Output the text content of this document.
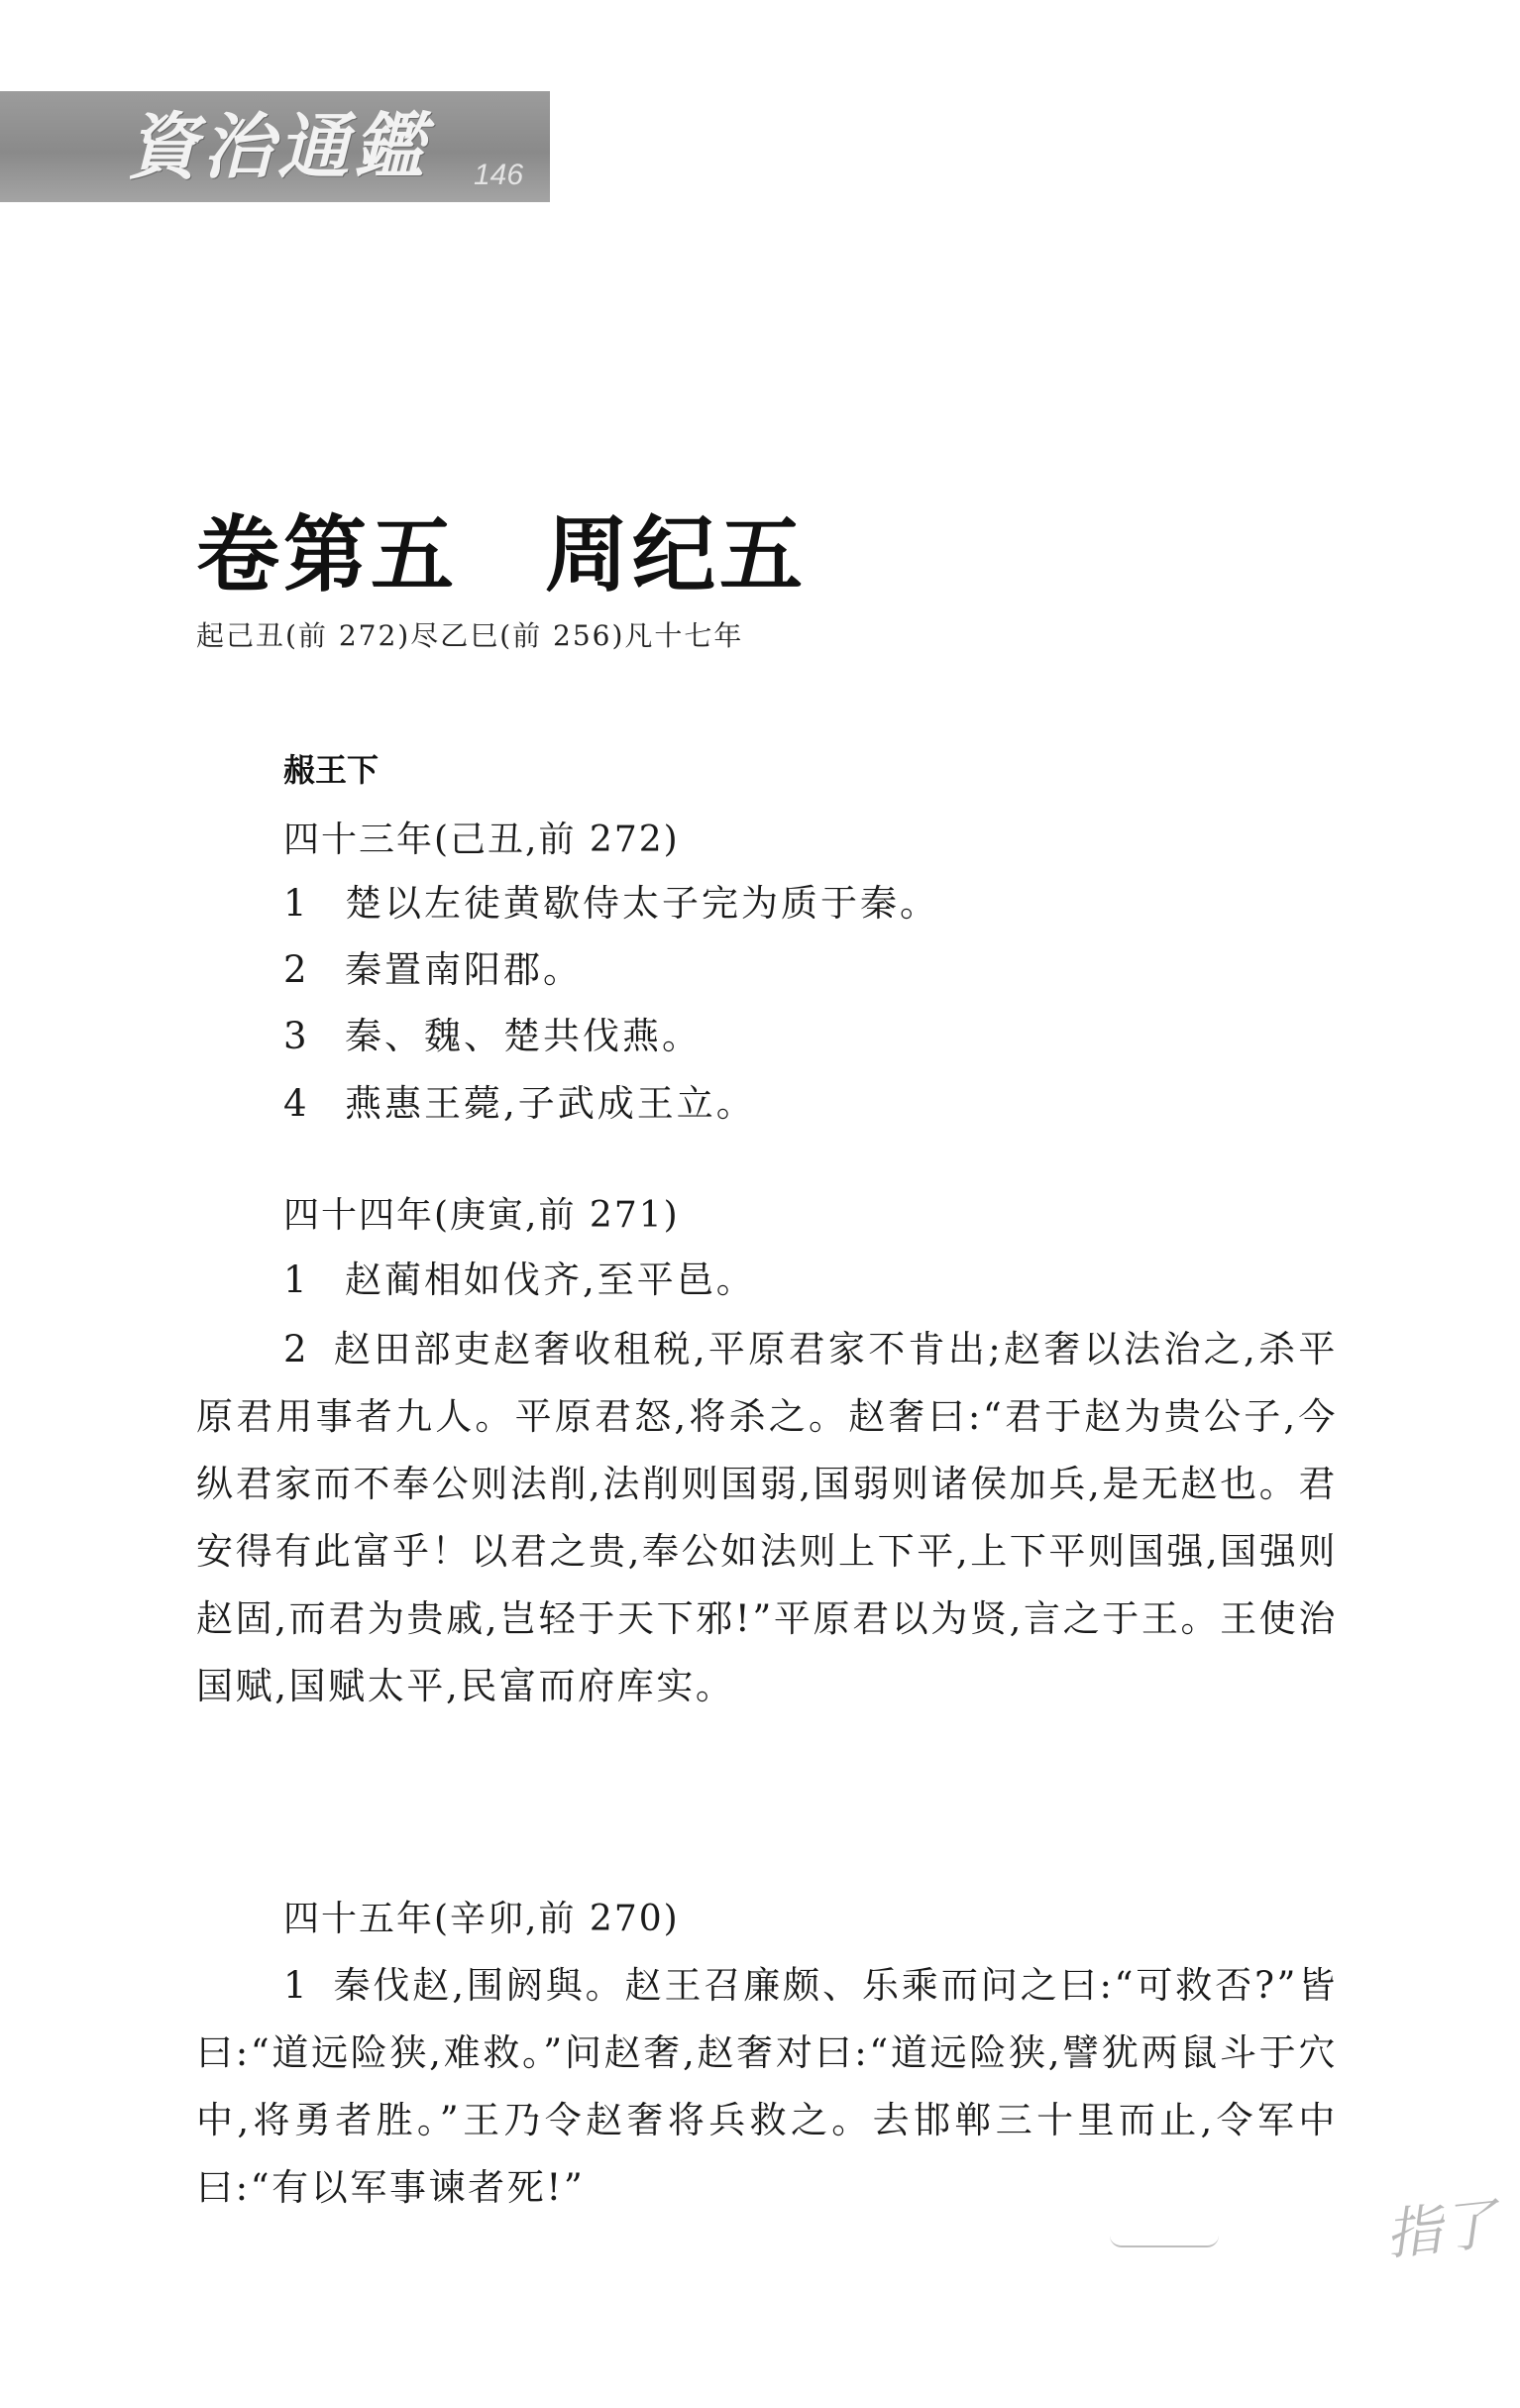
資治通鑑 146
卷第五　周纪五
起己丑(前 272)尽乙巳(前 256)凡十七年
赧王下
四十三年(己丑,前 272)
1 楚以左徒黄歇侍太子完为质于秦。
2 秦置南阳郡。
3 秦、魏、楚共伐燕。
4 燕惠王薨,子武成王立。
四十四年(庚寅,前 271)
1 赵蔺相如伐齐,至平邑。
2 赵田部吏赵奢收租税,平原君家不肯出;赵奢以法治之,杀平原君用事者九人。平原君怒,将杀之。赵奢曰:“君于赵为贵公子,今纵君家而不奉公则法削,法削则国弱,国弱则诸侯加兵,是无赵也。君安得有此富乎！以君之贵,奉公如法则上下平,上下平则国强,国强则赵固,而君为贵戚,岂轻于天下邪!”平原君以为贤,言之于王。王使治国赋,国赋太平,民富而府库实。
四十五年(辛卯,前 270)
1 秦伐赵,围阏與。赵王召廉颇、乐乘而问之曰:“可救否?”皆曰:“道远险狭,难救。”问赵奢,赵奢对曰:“道远险狭,譬犹两鼠斗于穴中,将勇者胜。”王乃令赵奢将兵救之。去邯郸三十里而止,令军中曰:“有以军事谏者死!”
指了
